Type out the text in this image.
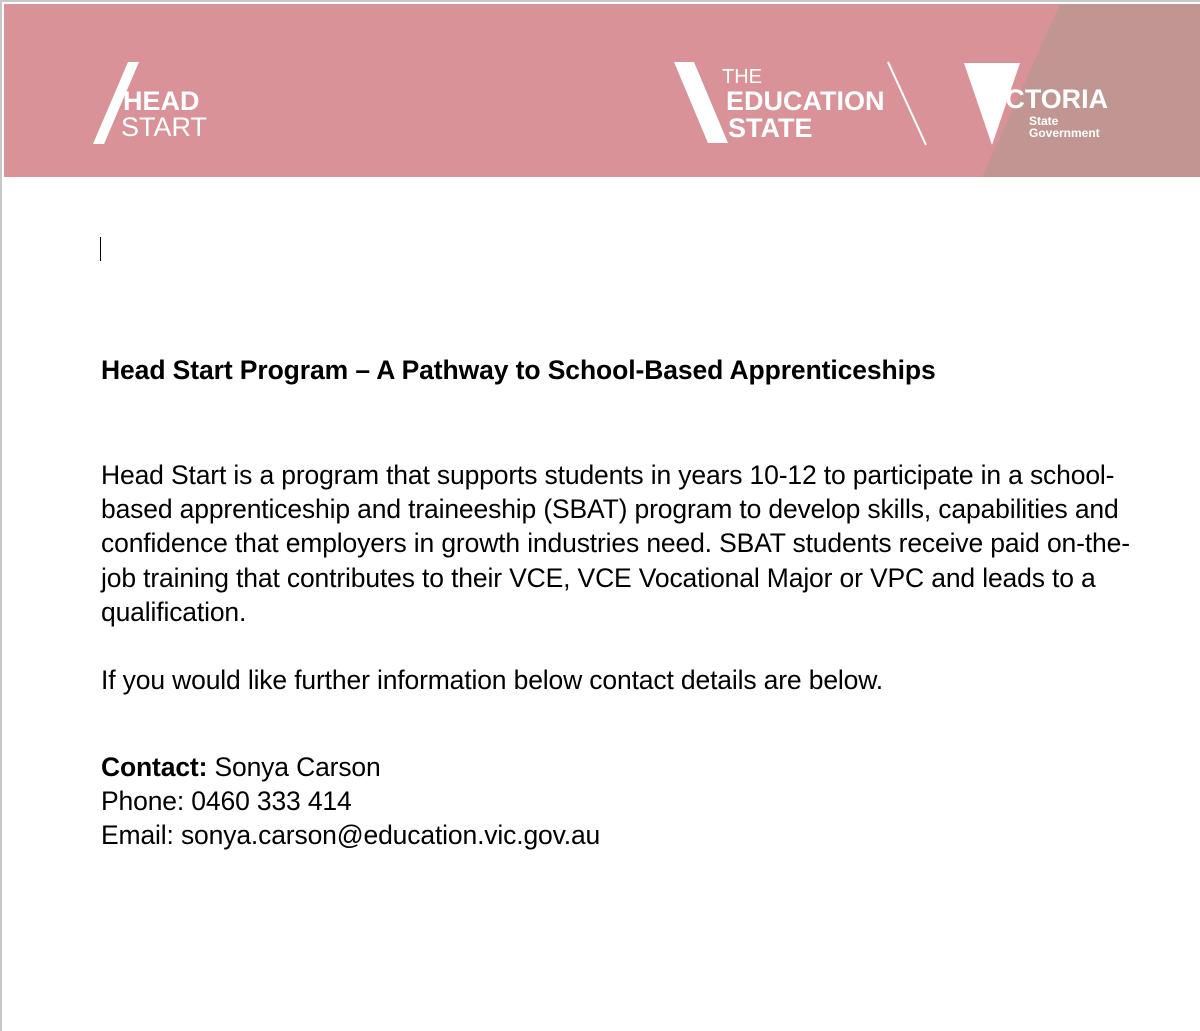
HEAD
START
THE
EDUCATION
STATE
VICTORIA
State
Government
Head Start Program – A Pathway to School-Based Apprenticeships

Head Start is a program that supports students in years 10-12 to participate in a school-based apprenticeship and traineeship (SBAT) program to develop skills, capabilities and confidence that employers in growth industries need. SBAT students receive paid on-the-job training that contributes to their VCE, VCE Vocational Major or VPC and leads to a qualification.

If you would like further information below contact details are below.

Contact: Sonya Carson
Phone: 0460 333 414
Email: sonya.carson@education.vic.gov.au
